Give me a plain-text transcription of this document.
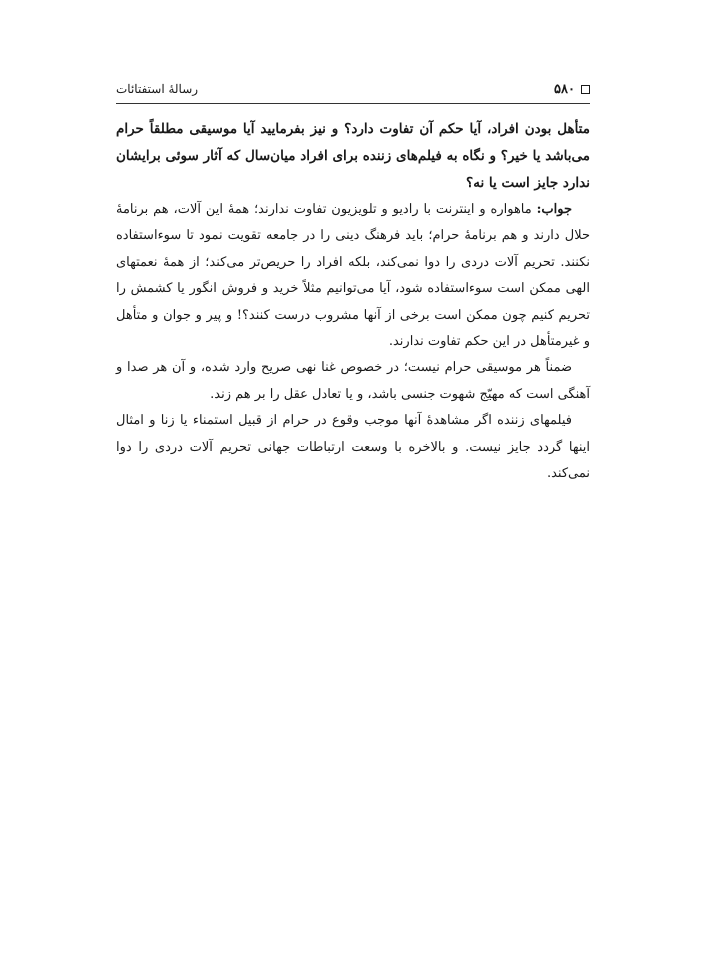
۵۸۰
رسالهٔ استفتائات

متأهل بودن افراد، آیا حکم آن تفاوت دارد؟ و نیز بفرمایید آیا موسیقی مطلقاً حرام می‌باشد یا خیر؟ و نگاه به فیلم‌های زننده برای افراد میان‌سال که آثار سوئی برایشان ندارد جایز است یا نه؟

جواب: ماهواره و اینترنت با رادیو و تلویزیون تفاوت ندارند؛ همهٔ این آلات، هم برنامهٔ حلال دارند و هم برنامهٔ حرام؛ باید فرهنگ دینی را در جامعه تقویت نمود تا سوءاستفاده نکنند. تحریم آلات دردی را دوا نمی‌کند، بلکه افراد را حریص‌تر می‌کند؛ از همهٔ نعمتهای الهی ممکن است سوءاستفاده شود، آیا می‌توانیم مثلاً خرید و فروش انگور یا کشمش را تحریم کنیم چون ممکن است برخی از آنها مشروب درست کنند؟! و پیر و جوان و متأهل و غیرمتأهل در این حکم تفاوت ندارند.

ضمناً هر موسیقی حرام نیست؛ در خصوص غنا نهی صریح وارد شده، و آن هر صدا و آهنگی است که مهیّج شهوت جنسی باشد، و یا تعادل عقل را بر هم زند.

فیلمهای زننده اگر مشاهدهٔ آنها موجب وقوع در حرام از قبیل استمناء یا زنا و امثال اینها گردد جایز نیست. و بالاخره با وسعت ارتباطات جهانی تحریم آلات دردی را دوا نمی‌کند.
